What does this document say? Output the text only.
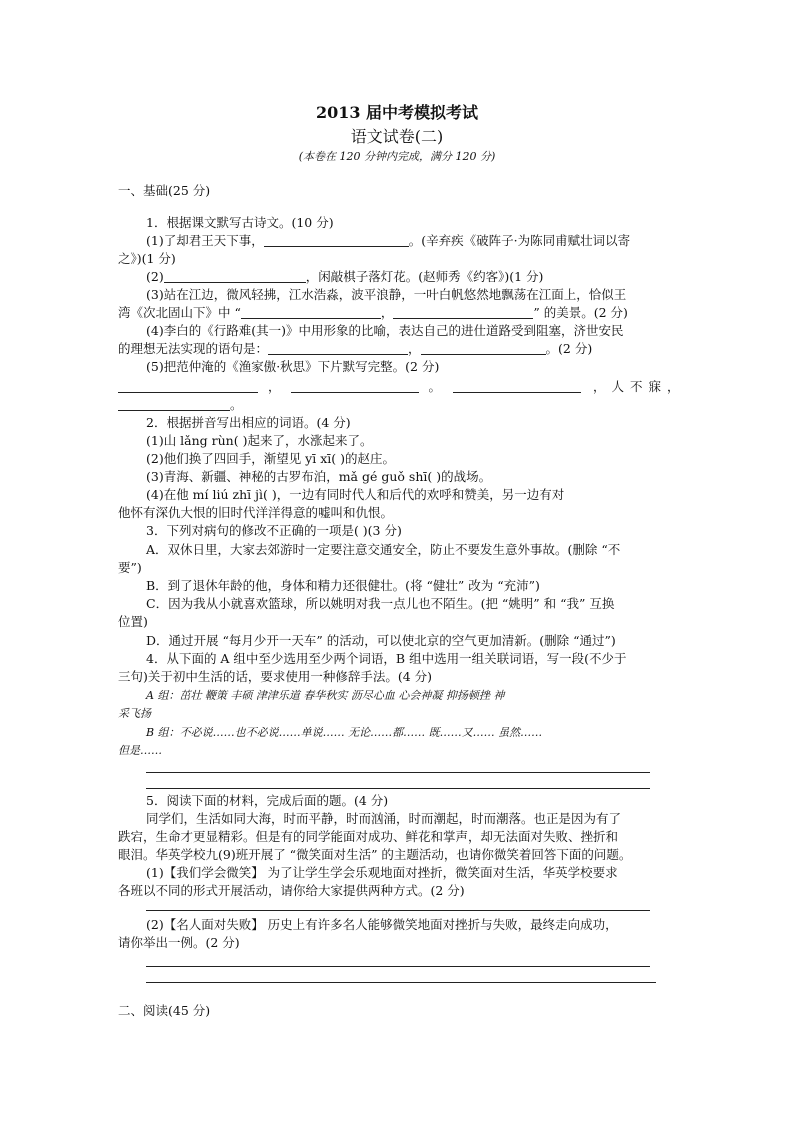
2013 届中考模拟考试
语文试卷(二)
(本卷在 120 分钟内完成，满分 120 分)
一、基础(25 分)
1．根据课文默写古诗文。(10 分)
(1)了却君王天下事，	。(辛弃疾《破阵子·为陈同甫赋壮词以寄
之》)(1 分)
(2)	，闲敲棋子落灯花。(赵师秀《约客》)(1 分)
(3)站在江边，微风轻拂，江水浩淼，波平浪静，一叶白帆悠然地飘荡在江面上，恰似王
湾《次北固山下》中 “	，	” 的美景。(2 分)
(4)李白的《行路难(其一)》中用形象的比喻，表达自己的进仕道路受到阻塞，济世安民
的理想无法实现的语句是：	，	。(2 分)
(5)把范仲淹的《渔家傲·秋思》下片默写完整。(2 分)
，	。	，人不寐，
。
2．根据拼音写出相应的词语。(4 分)
(1)山 lǎng rùn( )起来了，水涨起来了。
(2)他们换了四回手，渐望见 yī xī( )的赵庄。
(3)青海、新疆、神秘的古罗布泊，mǎ gé guǒ shī( )的战场。
(4)在他 mí liú zhī jì( )，一边有同时代人和后代的欢呼和赞美，另一边有对
他怀有深仇大恨的旧时代洋洋得意的嘘叫和仇恨。
3．下列对病句的修改不正确的一项是( )(3 分)
A．双休日里，大家去郊游时一定要注意交通安全，防止不要发生意外事故。(删除 “不
要”)
B．到了退休年龄的他，身体和精力还很健壮。(将 “健壮” 改为 “充沛”)
C．因为我从小就喜欢篮球，所以姚明对我一点儿也不陌生。(把 “姚明” 和 “我” 互换
位置)
D．通过开展 “每月少开一天车” 的活动，可以使北京的空气更加清新。(删除 “通过”)
4．从下面的 A 组中至少选用至少两个词语，B 组中选用一组关联词语，写一段(不少于
三句)关于初中生活的话，要求使用一种修辞手法。(4 分)
A 组：茁壮 鞭策 丰硕 津津乐道 春华秋实 沥尽心血 心会神凝 抑扬顿挫 神
采飞扬
B 组：不必说……也不必说……单说…… 无论……都…… 既……又…… 虽然……
但是……
5．阅读下面的材料，完成后面的题。(4 分)
同学们，生活如同大海，时而平静，时而汹涌，时而潮起，时而潮落。也正是因为有了
跌宕，生命才更显精彩。但是有的同学能面对成功、鲜花和掌声，却无法面对失败、挫折和
眼泪。华英学校九(9)班开展了 “微笑面对生活” 的主题活动，也请你微笑着回答下面的问题。
(1)【我们学会微笑】 为了让学生学会乐观地面对挫折，微笑面对生活，华英学校要求
各班以不同的形式开展活动，请你给大家提供两种方式。(2 分)
(2)【名人面对失败】 历史上有许多名人能够微笑地面对挫折与失败，最终走向成功，
请你举出一例。(2 分)
二、阅读(45 分)
